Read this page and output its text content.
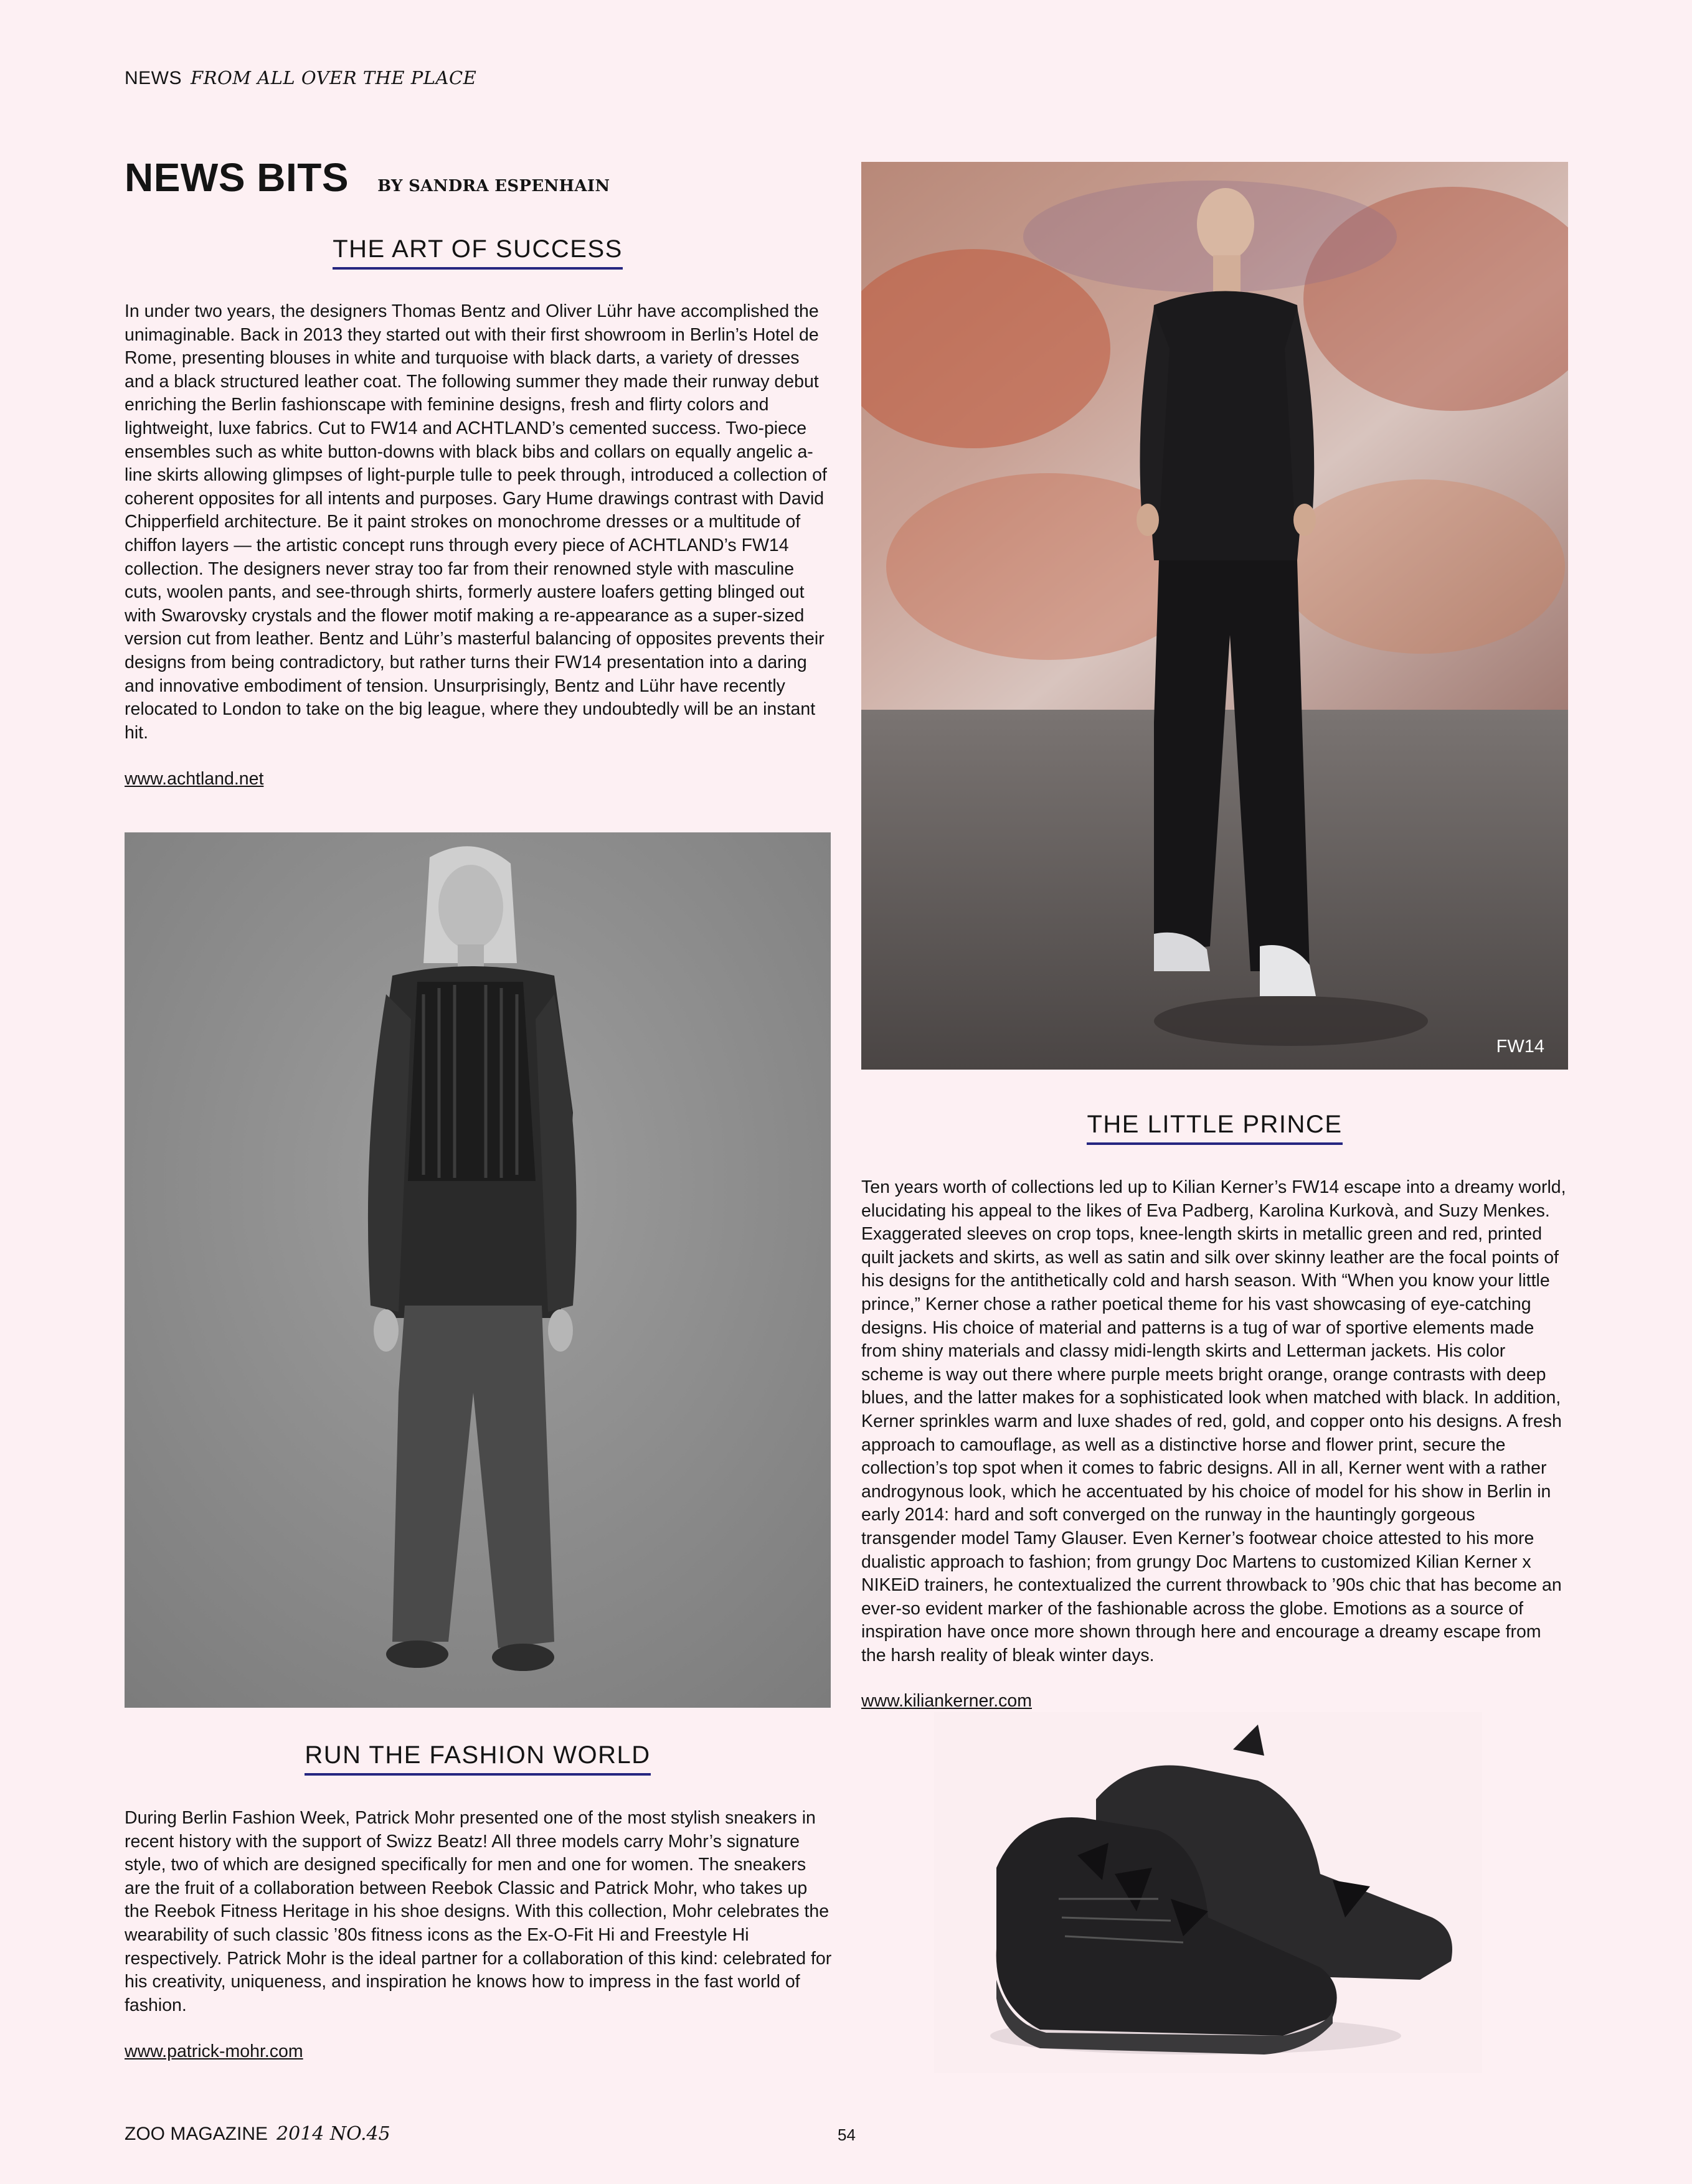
NEWS FROM ALL OVER THE PLACE
NEWS BITS BY SANDRA ESPENHAIN
THE ART OF SUCCESS

In under two years, the designers Thomas Bentz and Oliver Lühr have accomplished the unimaginable. Back in 2013 they started out with their first showroom in Berlin’s Hotel de Rome, presenting blouses in white and turquoise with black darts, a variety of dresses and a black structured leather coat. The following summer they made their runway debut enriching the Berlin fashionscape with feminine designs, fresh and flirty colors and lightweight, luxe fabrics. Cut to FW14 and ACHTLAND’s cemented success. Two-piece ensembles such as white button-downs with black bibs and collars on equally angelic a-line skirts allowing glimpses of light-purple tulle to peek through, introduced a collection of coherent opposites for all intents and purposes. Gary Hume drawings contrast with David Chipperfield architecture. Be it paint strokes on monochrome dresses or a multitude of chiffon layers — the artistic concept runs through every piece of ACHTLAND’s FW14 collection. The designers never stray too far from their renowned style with masculine cuts, woolen pants, and see-through shirts, formerly austere loafers getting blinged out with Swarovsky crystals and the flower motif making a re-appearance as a super-sized version cut from leather. Bentz and Lühr’s masterful balancing of opposites prevents their designs from being contradictory, but rather turns their FW14 presentation into a daring and innovative embodiment of tension. Unsurprisingly, Bentz and Lühr have recently relocated to London to take on the big league, where they undoubtedly will be an instant hit.

www.achtland.net
FW14
THE LITTLE PRINCE

Ten years worth of collections led up to Kilian Kerner’s FW14 escape into a dreamy world, elucidating his appeal to the likes of Eva Padberg, Karolina Kurkovà, and Suzy Menkes. Exaggerated sleeves on crop tops, knee-length skirts in metallic green and red, printed quilt jackets and skirts, as well as satin and silk over skinny leather are the focal points of his designs for the antithetically cold and harsh season. With “When you know your little prince,” Kerner chose a rather poetical theme for his vast showcasing of eye-catching designs. His choice of material and patterns is a tug of war of sportive elements made from shiny materials and classy midi-length skirts and Letterman jackets. His color scheme is way out there where purple meets bright orange, orange contrasts with deep blues, and the latter makes for a sophisticated look when matched with black. In addition, Kerner sprinkles warm and luxe shades of red, gold, and copper onto his designs. A fresh approach to camouflage, as well as a distinctive horse and flower print, secure the collection’s top spot when it comes to fabric designs. All in all, Kerner went with a rather androgynous look, which he accentuated by his choice of model for his show in Berlin in early 2014: hard and soft converged on the runway in the hauntingly gorgeous transgender model Tamy Glauser. Even Kerner’s footwear choice attested to his more dualistic approach to fashion; from grungy Doc Martens to customized Kilian Kerner x NIKEiD trainers, he contextualized the current throwback to ’90s chic that has become an ever-so evident marker of the fashionable across the globe. Emotions as a source of inspiration have once more shown through here and encourage a dreamy escape from the harsh reality of bleak winter days.

www.kiliankerner.com
RUN THE FASHION WORLD

During Berlin Fashion Week, Patrick Mohr presented one of the most stylish sneakers in recent history with the support of Swizz Beatz! All three models carry Mohr’s signature style, two of which are designed specifically for men and one for women. The sneakers are the fruit of a collaboration between Reebok Classic and Patrick Mohr, who takes up the Reebok Fitness Heritage in his shoe designs. With this collection, Mohr celebrates the wearability of such classic ’80s fitness icons as the Ex-O-Fit Hi and Freestyle Hi respectively. Patrick Mohr is the ideal partner for a collaboration of this kind: celebrated for his creativity, uniqueness, and inspiration he knows how to impress in the fast world of fashion.

www.patrick-mohr.com
ZOO MAGAZINE 2014 NO.45	54
